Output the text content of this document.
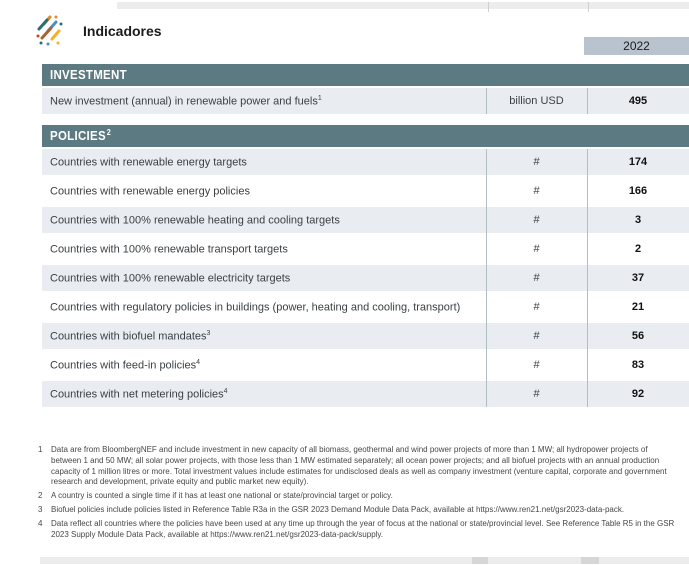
Indicadores
2022
INVESTMENT
New investment (annual) in renewable power and fuels$^1$	billion USD	495
POLICIES$^2$
Countries with renewable energy targets	#	174
Countries with renewable energy policies	#	166
Countries with 100% renewable heating and cooling targets	#	3
Countries with 100% renewable transport targets	#	2
Countries with 100% renewable electricity targets	#	37
Countries with regulatory policies in buildings (power, heating and cooling, transport)	#	21
Countries with biofuel mandates$^3$	#	56
Countries with feed-in policies$^4$	#	83
Countries with net metering policies$^4$	#	92
1 Data are from BloombergNEF and include investment in new capacity of all biomass, geothermal and wind power projects of more than 1 MW; all hydropower projects of between 1 and 50 MW; all solar power projects, with those less than 1 MW estimated separately; all ocean power projects; and all biofuel projects with an annual production capacity of 1 million litres or more. Total investment values include estimates for undisclosed deals as well as company investment (venture capital, corporate and government research and development, private equity and public market new equity).
2 A country is counted a single time if it has at least one national or state/provincial target or policy.
3 Biofuel policies include policies listed in Reference Table R3a in the GSR 2023 Demand Module Data Pack, available at https://www.ren21.net/gsr2023-data-pack.
4 Data reflect all countries where the policies have been used at any time up through the year of focus at the national or state/provincial level. See Reference Table R5 in the GSR 2023 Supply Module Data Pack, available at https://www.ren21.net/gsr2023-data-pack/supply.
